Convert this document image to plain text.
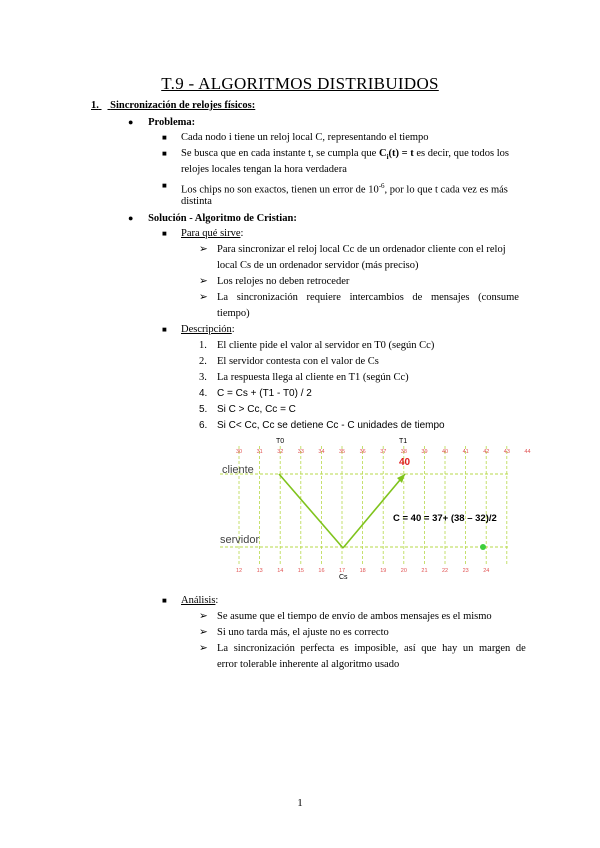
T.9 - ALGORITMOS DISTRIBUIDOS
1. Sincronización de relojes físicos:
● Problema:
■ Cada nodo i tiene un reloj local C, representando el tiempo
■ Se busca que en cada instante t, se cumpla que $C_i(t) = t$ es decir, que todos los
relojes locales tengan la hora verdadera
■ Los chips no son exactos, tienen un error de $10^{-6}$, por lo que t cada vez es más
distinta
● Solución - Algoritmo de Cristian:
■ Para qué sirve:
➢ Para sincronizar el reloj local Cc de un ordenador cliente con el reloj
local Cs de un ordenador servidor (más preciso)
➢ Los relojes no deben retroceder
➢ La sincronización requiere intercambios de mensajes (consume
tiempo)
■ Descripción:
1. El cliente pide el valor al servidor en T0 (según Cc)
2. El servidor contesta con el valor de Cs
3. La respuesta llega al cliente en T1 (según Cc)
4. C = Cs + (T1 - T0) / 2
5. Si C > Cc, Cc = C
6. Si C< Cc, Cc se detiene Cc - C unidades de tiempo
30	31	32	33	34	35	36	37	38	39	40	41	42	43	44
12	13	14	15	16	17	18	19	20	21	22	23	24
T0	T1
40
cliente
servidor
C = 40 = 37+ (38 – 32)/2
Cs
■ Análisis:
➢ Se asume que el tiempo de envío de ambos mensajes es el mismo
➢ Si uno tarda más, el ajuste no es correcto
➢ La sincronización perfecta es imposible, así que hay un margen de
error tolerable inherente al algoritmo usado
1
